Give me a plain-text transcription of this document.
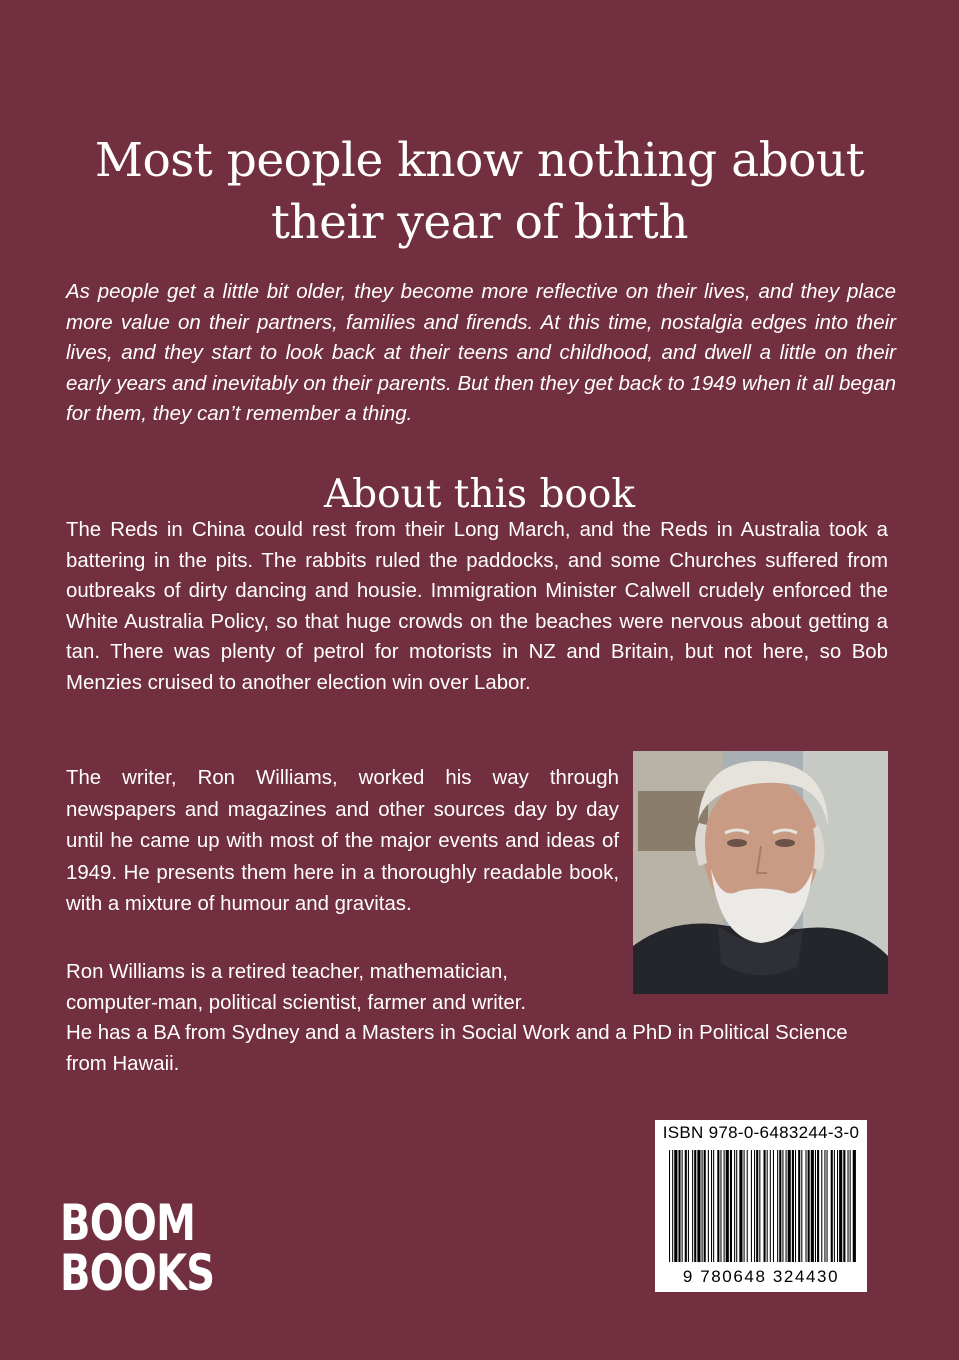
Most people know nothing about
their year of birth

As people get a little bit older, they become more reflective on their lives, and they place more value on their partners, families and firends. At this time, nostalgia edges into their lives, and they start to look back at their teens and childhood, and dwell a little on their early years and inevitably on their parents. But then they get back to 1949 when it all began for them, they can’t remember a thing.

About this book

The Reds in China could rest from their Long March, and the Reds in Australia took a battering in the pits. The rabbits ruled the paddocks, and some Churches suffered from outbreaks of dirty dancing and housie. Immigration Minister Calwell crudely enforced the White Australia Policy, so that huge crowds on the beaches were nervous about getting a tan. There was plenty of petrol for motorists in NZ and Britain, but not here, so Bob Menzies cruised to another election win over Labor.

The writer, Ron Williams, worked his way through newspapers and magazines and other sources day by day until he came up with most of the major events and ideas of 1949. He presents them here in a thoroughly readable book, with a mixture of humour and gravitas.

Ron Williams is a retired teacher, mathematician,
computer-man, political scientist, farmer and writer.
He has a BA from Sydney and a Masters in Social Work and a PhD in Political Science from Hawaii.

ISBN 978-0-6483244-3-0
9 780648 324430
BOOM
BOOKS
